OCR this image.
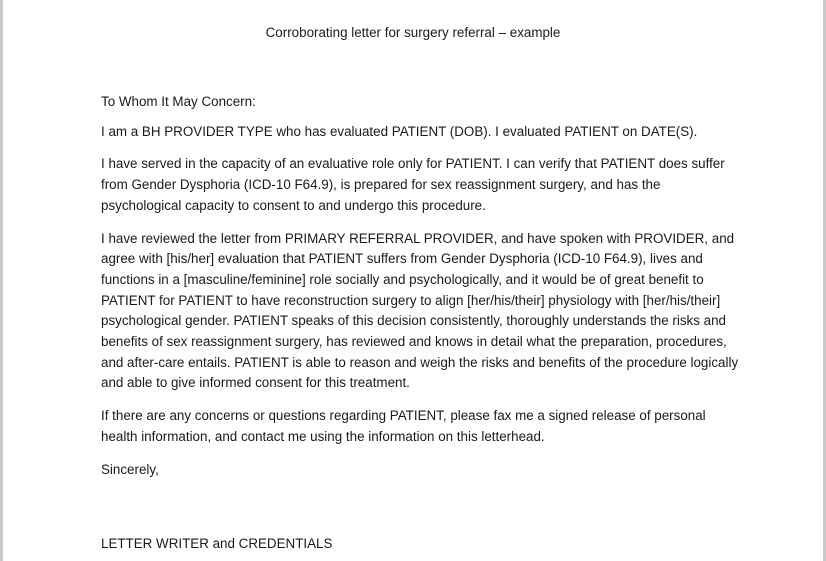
Corroborating letter for surgery referral – example

To Whom It May Concern:

I am a BH PROVIDER TYPE who has evaluated PATIENT (DOB). I evaluated PATIENT on DATE(S).

I have served in the capacity of an evaluative role only for PATIENT. I can verify that PATIENT does suffer from Gender Dysphoria (ICD-10 F64.9), is prepared for sex reassignment surgery, and has the psychological capacity to consent to and undergo this procedure.

I have reviewed the letter from PRIMARY REFERRAL PROVIDER, and have spoken with PROVIDER, and agree with [his/her] evaluation that PATIENT suffers from Gender Dysphoria (ICD-10 F64.9), lives and functions in a [masculine/feminine] role socially and psychologically, and it would be of great benefit to PATIENT for PATIENT to have reconstruction surgery to align [her/his/their] physiology with [her/his/their] psychological gender. PATIENT speaks of this decision consistently, thoroughly understands the risks and benefits of sex reassignment surgery, has reviewed and knows in detail what the preparation, procedures, and after-care entails. PATIENT is able to reason and weigh the risks and benefits of the procedure logically and able to give informed consent for this treatment.

If there are any concerns or questions regarding PATIENT, please fax me a signed release of personal health information, and contact me using the information on this letterhead.

Sincerely,

LETTER WRITER and CREDENTIALS
